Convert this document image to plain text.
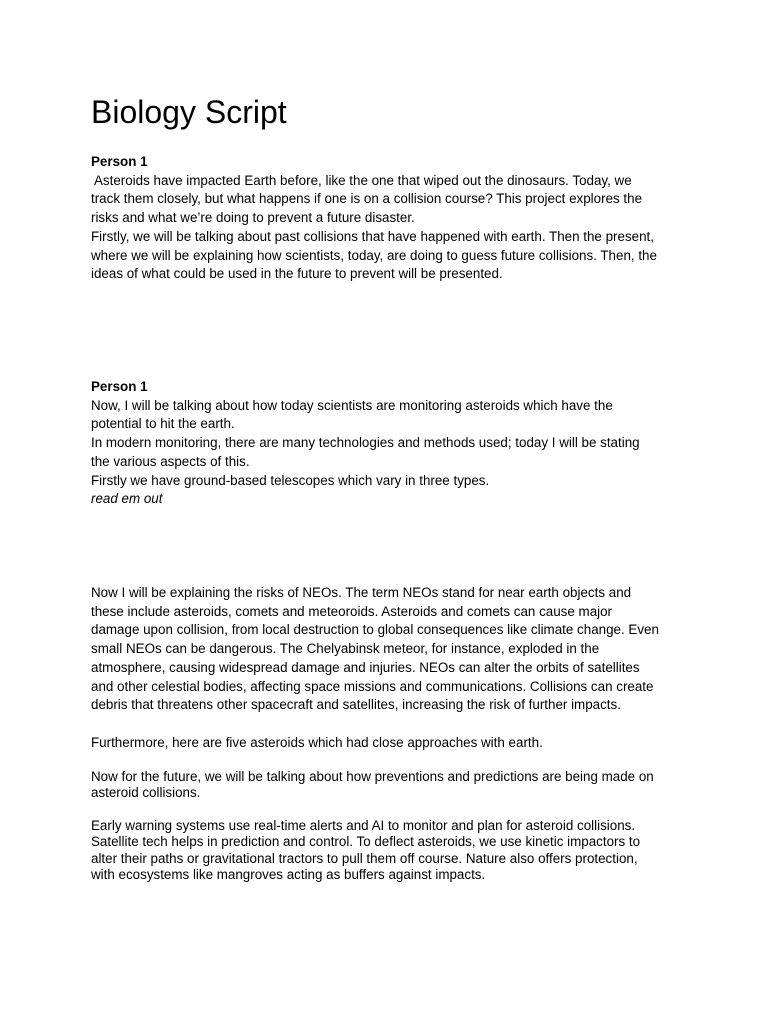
Biology Script
Person 1
Asteroids have impacted Earth before, like the one that wiped out the dinosaurs. Today, we
track them closely, but what happens if one is on a collision course? This project explores the
risks and what we’re doing to prevent a future disaster.
Firstly, we will be talking about past collisions that have happened with earth. Then the present,
where we will be explaining how scientists, today, are doing to guess future collisions. Then, the
ideas of what could be used in the future to prevent will be presented.
Person 1
Now, I will be talking about how today scientists are monitoring asteroids which have the
potential to hit the earth.
In modern monitoring, there are many technologies and methods used; today I will be stating
the various aspects of this.
Firstly we have ground-based telescopes which vary in three types.
read em out
Now I will be explaining the risks of NEOs. The term NEOs stand for near earth objects and
these include asteroids, comets and meteoroids. Asteroids and comets can cause major
damage upon collision, from local destruction to global consequences like climate change. Even
small NEOs can be dangerous. The Chelyabinsk meteor, for instance, exploded in the
atmosphere, causing widespread damage and injuries. NEOs can alter the orbits of satellites
and other celestial bodies, affecting space missions and communications. Collisions can create
debris that threatens other spacecraft and satellites, increasing the risk of further impacts.
Furthermore, here are five asteroids which had close approaches with earth.
Now for the future, we will be talking about how preventions and predictions are being made on
asteroid collisions.
Early warning systems use real-time alerts and AI to monitor and plan for asteroid collisions.
Satellite tech helps in prediction and control. To deflect asteroids, we use kinetic impactors to
alter their paths or gravitational tractors to pull them off course. Nature also offers protection,
with ecosystems like mangroves acting as buffers against impacts.
